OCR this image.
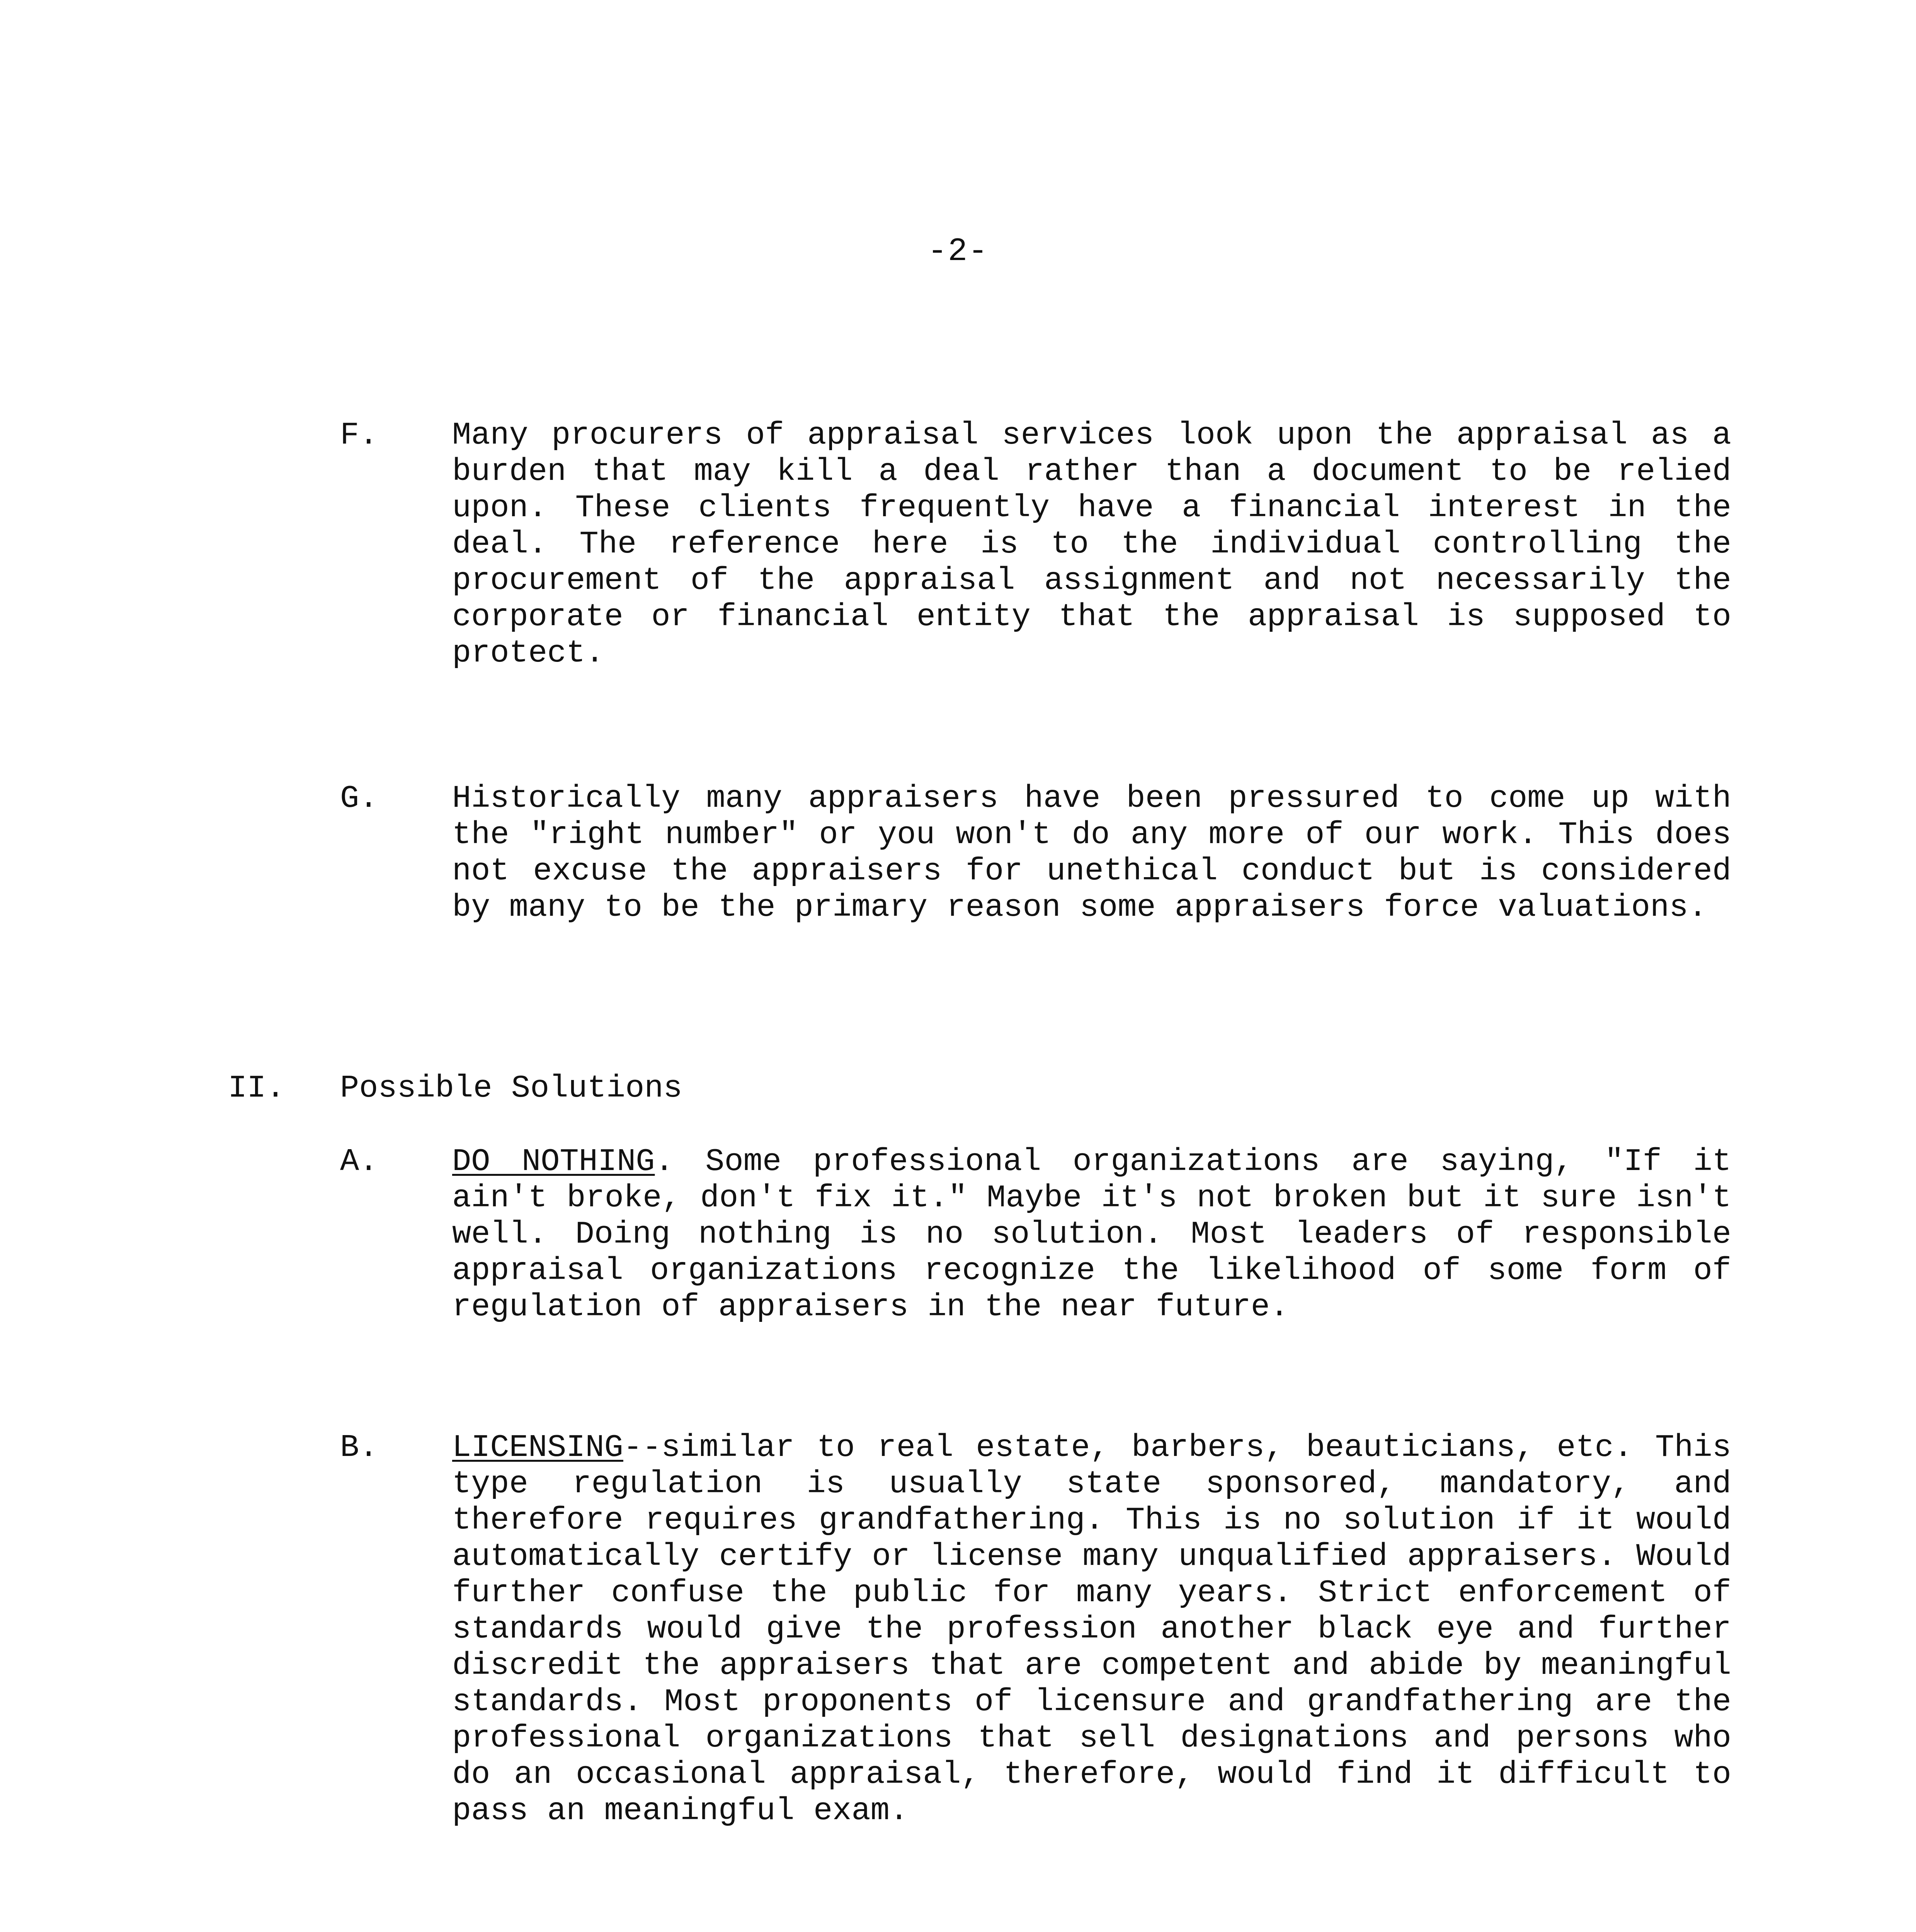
-2-
F. Many procurers of appraisal services look upon the appraisal as a burden that may kill a deal rather than a document to be relied upon. These clients frequently have a financial interest in the deal. The reference here is to the individual controlling the procurement of the appraisal assignment and not necessarily the corporate or financial entity that the appraisal is supposed to protect.
G. Historically many appraisers have been pressured to come up with the "right number" or you won't do any more of our work. This does not excuse the appraisers for unethical conduct but is considered by many to be the primary reason some appraisers force valuations.
II. Possible Solutions
A. DO NOTHING. Some professional organizations are saying, "If it ain't broke, don't fix it." Maybe it's not broken but it sure isn't well. Doing nothing is no solution. Most leaders of responsible appraisal organizations recognize the likelihood of some form of regulation of appraisers in the near future.
B. LICENSING--similar to real estate, barbers, beauticians, etc. This type regulation is usually state sponsored, mandatory, and therefore requires grandfathering. This is no solution if it would automatically certify or license many unqualified appraisers. Would further confuse the public for many years. Strict enforcement of standards would give the profession another black eye and further discredit the appraisers that are competent and abide by meaningful standards. Most proponents of licensure and grandfathering are the professional organizations that sell designations and persons who do an occasional appraisal, therefore, would find it difficult to pass an meaningful exam.
